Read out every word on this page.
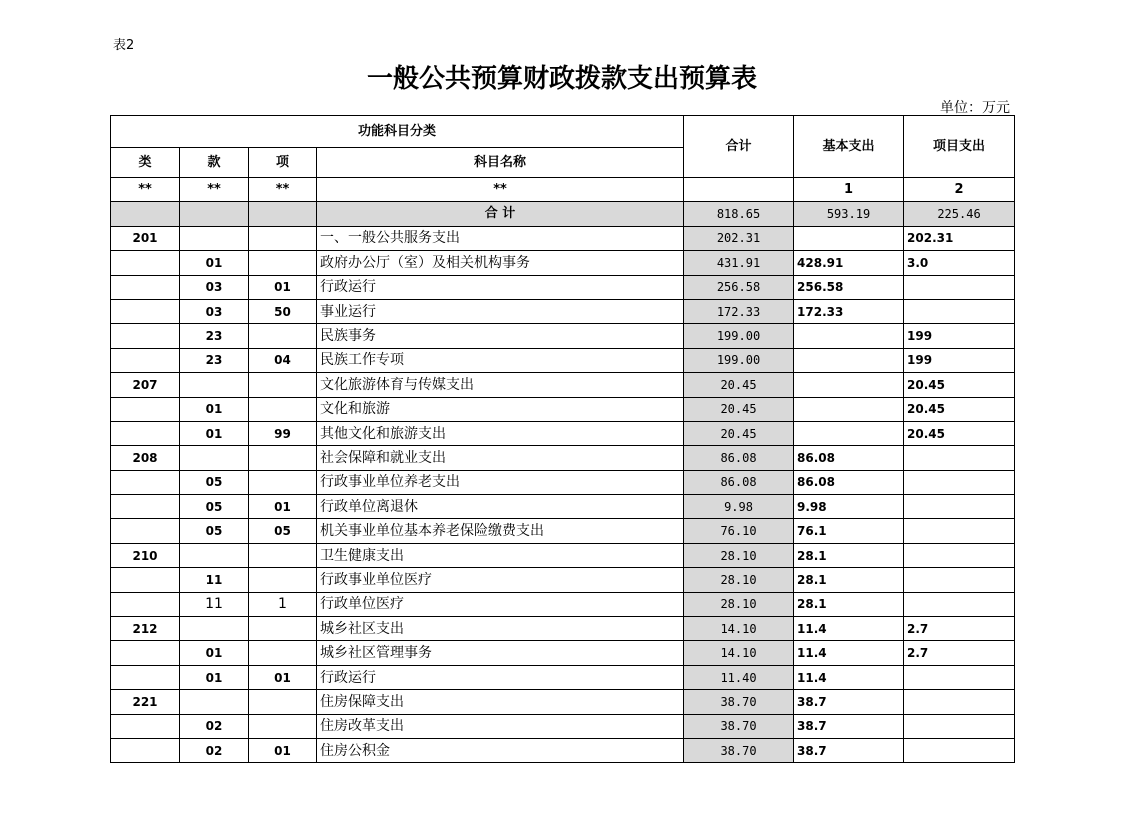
表2
一般公共预算财政拨款支出预算表
单位：万元
功能科目分类				合计	基本支出	项目支出
类	款	项	科目名称			
**	**	**	**		1	2
			合 计	818.65	593.19	225.46
201			一、一般公共服务支出	202.31		202.31
	01		政府办公厅（室）及相关机构事务	431.91	428.91	3.0
	03	01	行政运行	256.58	256.58	
	03	50	事业运行	172.33	172.33	
	23		民族事务	199.00		199
	23	04	民族工作专项	199.00		199
207			文化旅游体育与传媒支出	20.45		20.45
	01		文化和旅游	20.45		20.45
	01	99	其他文化和旅游支出	20.45		20.45
208			社会保障和就业支出	86.08	86.08	
	05		行政事业单位养老支出	86.08	86.08	
	05	01	行政单位离退休	9.98	9.98	
	05	05	机关事业单位基本养老保险缴费支出	76.10	76.1	
210			卫生健康支出	28.10	28.1	
	11		行政事业单位医疗	28.10	28.1	
	11	1	行政单位医疗	28.10	28.1	
212			城乡社区支出	14.10	11.4	2.7
	01		城乡社区管理事务	14.10	11.4	2.7
	01	01	行政运行	11.40	11.4	
221			住房保障支出	38.70	38.7	
	02		住房改革支出	38.70	38.7	
	02	01	住房公积金	38.70	38.7	
